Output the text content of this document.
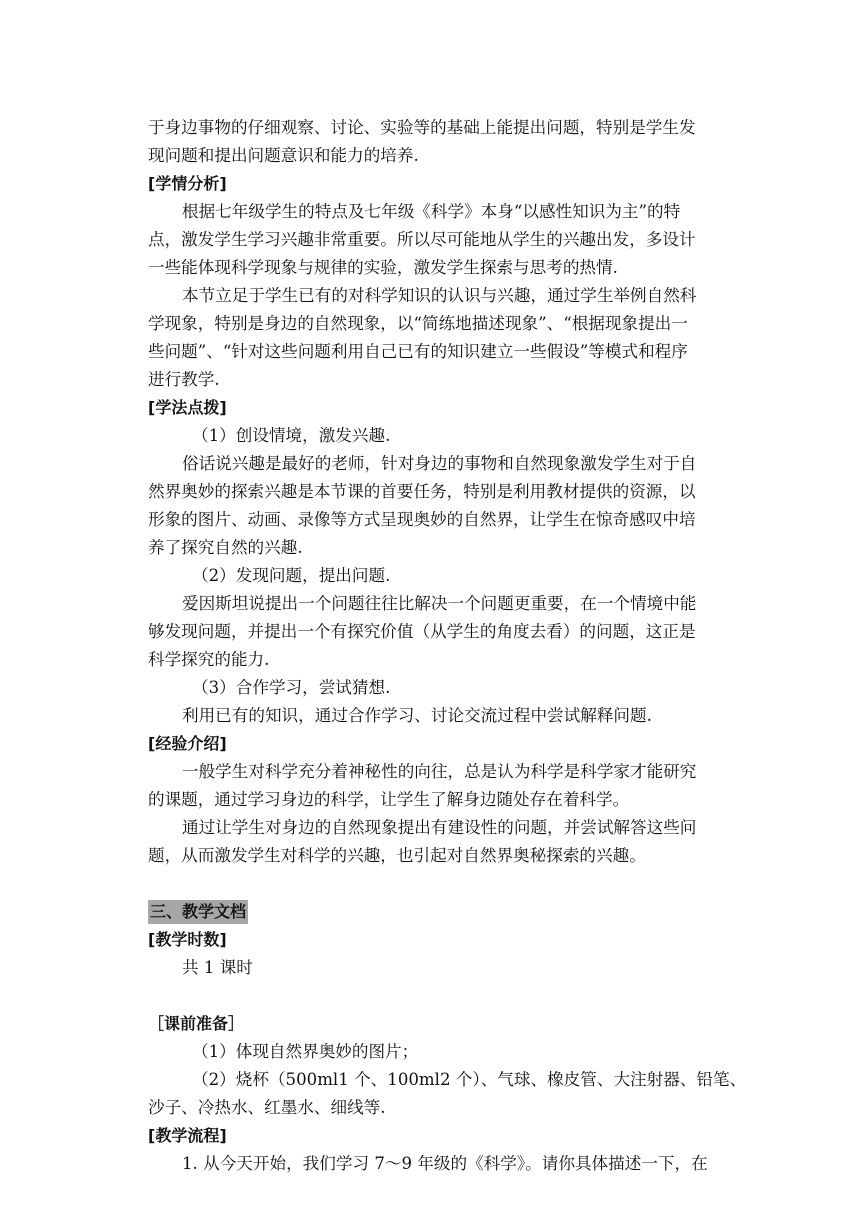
于身边事物的仔细观察、讨论、实验等的基础上能提出问题，特别是学生发
现问题和提出问题意识和能力的培养.
[学情分析]
根据七年级学生的特点及七年级《科学》本身“以感性知识为主”的特
点，激发学生学习兴趣非常重要。所以尽可能地从学生的兴趣出发，多设计
一些能体现科学现象与规律的实验，激发学生探索与思考的热情.
本节立足于学生已有的对科学知识的认识与兴趣，通过学生举例自然科
学现象，特别是身边的自然现象，以“简练地描述现象”、“根据现象提出一
些问题”、“针对这些问题利用自己已有的知识建立一些假设”等模式和程序
进行教学.
[学法点拨]
（1）创设情境，激发兴趣.
俗话说兴趣是最好的老师，针对身边的事物和自然现象激发学生对于自
然界奥妙的探索兴趣是本节课的首要任务，特别是利用教材提供的资源，以
形象的图片、动画、录像等方式呈现奥妙的自然界，让学生在惊奇感叹中培
养了探究自然的兴趣.
（2）发现问题，提出问题.
爱因斯坦说提出一个问题往往比解决一个问题更重要，在一个情境中能
够发现问题，并提出一个有探究价值（从学生的角度去看）的问题，这正是
科学探究的能力.
（3）合作学习，尝试猜想.
利用已有的知识，通过合作学习、讨论交流过程中尝试解释问题.
[经验介绍]
一般学生对科学充分着神秘性的向往，总是认为科学是科学家才能研究
的课题，通过学习身边的科学，让学生了解身边随处存在着科学。
通过让学生对身边的自然现象提出有建设性的问题，并尝试解答这些问
题，从而激发学生对科学的兴趣，也引起对自然界奥秘探索的兴趣。
三、教学文档
[教学时数]
共 1 课时
［课前准备］
（1）体现自然界奥妙的图片；
（2）烧杯（500ml1 个、100ml2 个）、气球、橡皮管、大注射器、铅笔、
沙子、冷热水、红墨水、细线等.
[教学流程]
1. 从今天开始，我们学习 7～9 年级的《科学》。请你具体描述一下，在
